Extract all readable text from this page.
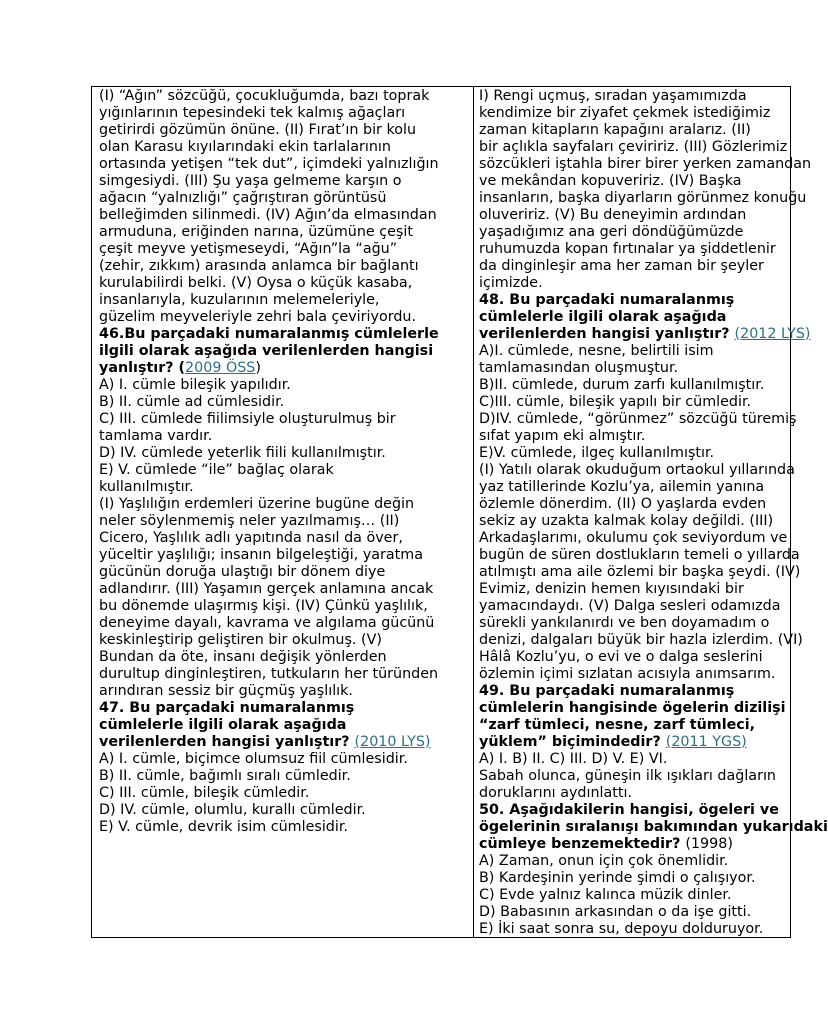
(I) “Ağın” sözcüğü, çocukluğumda, bazı toprak
yığınlarının tepesindeki tek kalmış ağaçları
getirirdi gözümün önüne. (II) Fırat’ın bir kolu
olan Karasu kıyılarındaki ekin tarlalarının
ortasında yetişen “tek dut”, içimdeki yalnızlığın
simgesiydi. (III) Şu yaşa gelmeme karşın o
ağacın “yalnızlığı” çağrıştıran görüntüsü
belleğimden silinmedi. (IV) Ağın’da elmasından
armuduna, eriğinden narına, üzümüne çeşit
çeşit meyve yetişmeseydi, “Ağın”la “ağu”
(zehir, zıkkım) arasında anlamca bir bağlantı
kurulabilirdi belki. (V) Oysa o küçük kasaba,
insanlarıyla, kuzularının melemeleriyle,
güzelim meyveleriyle zehri bala çeviriyordu.
46.Bu parçadaki numaralanmış cümlelerle
ilgili olarak aşağıda verilenlerden hangisi
yanlıştır? (2009 ÖSS)
A) I. cümle bileşik yapılıdır.
B) II. cümle ad cümlesidir.
C) III. cümlede fiilimsiyle oluşturulmuş bir
tamlama vardır.
D) IV. cümlede yeterlik fiili kullanılmıştır.
E) V. cümlede “ile” bağlaç olarak
kullanılmıştır.
(I) Yaşlılığın erdemleri üzerine bugüne değin
neler söylenmemiş neler yazılmamış… (II)
Cicero, Yaşlılık adlı yapıtında nasıl da över,
yüceltir yaşlılığı; insanın bilgeleştiği, yaratma
gücünün doruğa ulaştığı bir dönem diye
adlandırır. (III) Yaşamın gerçek anlamına ancak
bu dönemde ulaşırmış kişi. (IV) Çünkü yaşlılık,
deneyime dayalı, kavrama ve algılama gücünü
keskinleştirip geliştiren bir okulmuş. (V)
Bundan da öte, insanı değişik yönlerden
durultup dinginleştiren, tutkuların her türünden
arındıran sessiz bir güçmüş yaşlılık.
47. Bu parçadaki numaralanmış
cümlelerle ilgili olarak aşağıda
verilenlerden hangisi yanlıştır? (2010 LYS)
A) I. cümle, biçimce olumsuz fiil cümlesidir.
B) II. cümle, bağımlı sıralı cümledir.
C) III. cümle, bileşik cümledir.
D) IV. cümle, olumlu, kurallı cümledir.
E) V. cümle, devrik isim cümlesidir.
I) Rengi uçmuş, sıradan yaşamımızda
kendimize bir ziyafet çekmek istediğimiz
zaman kitapların kapağını aralarız. (II)
bir açlıkla sayfaları çeviririz. (III) Gözlerimiz
sözcükleri iştahla birer birer yerken zamandan
ve mekândan kopuveririz. (IV) Başka
insanların, başka diyarların görünmez konuğu
oluveririz. (V) Bu deneyimin ardından
yaşadığımız ana geri döndüğümüzde
ruhumuzda kopan fırtınalar ya şiddetlenir
da dinginleşir ama her zaman bir şeyler
içimizde.
48. Bu parçadaki numaralanmış
cümlelerle ilgili olarak aşağıda
verilenlerden hangisi yanlıştır? (2012 LYS)
A)I. cümlede, nesne, belirtili isim
tamlamasından oluşmuştur.
B)II. cümlede, durum zarfı kullanılmıştır.
C)III. cümle, bileşik yapılı bir cümledir.
D)IV. cümlede, “görünmez” sözcüğü türemiş
sıfat yapım eki almıştır.
E)V. cümlede, ilgeç kullanılmıştır.
(I) Yatılı olarak okuduğum ortaokul yıllarında
yaz tatillerinde Kozlu’ya, ailemin yanına
özlemle dönerdim. (II) O yaşlarda evden
sekiz ay uzakta kalmak kolay değildi. (III)
Arkadaşlarımı, okulumu çok seviyordum ve
bugün de süren dostlukların temeli o yıllarda
atılmıştı ama aile özlemi bir başka şeydi. (IV)
Evimiz, denizin hemen kıyısındaki bir
yamacındaydı. (V) Dalga sesleri odamızda
sürekli yankılanırdı ve ben doyamadım o
denizi, dalgaları büyük bir hazla izlerdim. (VI)
Hâlâ Kozlu’yu, o evi ve o dalga seslerini
özlemin içimi sızlatan acısıyla anımsarım.
49. Bu parçadaki numaralanmış
cümlelerin hangisinde ögelerin dizilişi
“zarf tümleci, nesne, zarf tümleci,
yüklem” biçimindedir? (2011 YGS)
A) I. B) II. C) III. D) V. E) VI.
Sabah olunca, güneşin ilk ışıkları dağların
doruklarını aydınlattı.
50. Aşağıdakilerin hangisi, ögeleri ve
ögelerinin sıralanışı bakımından yukarıdaki
cümleye benzemektedir? (1998)
A) Zaman, onun için çok önemlidir.
B) Kardeşinin yerinde şimdi o çalışıyor.
C) Evde yalnız kalınca müzik dinler.
D) Babasının arkasından o da işe gitti.
E) İki saat sonra su, depoyu dolduruyor.
